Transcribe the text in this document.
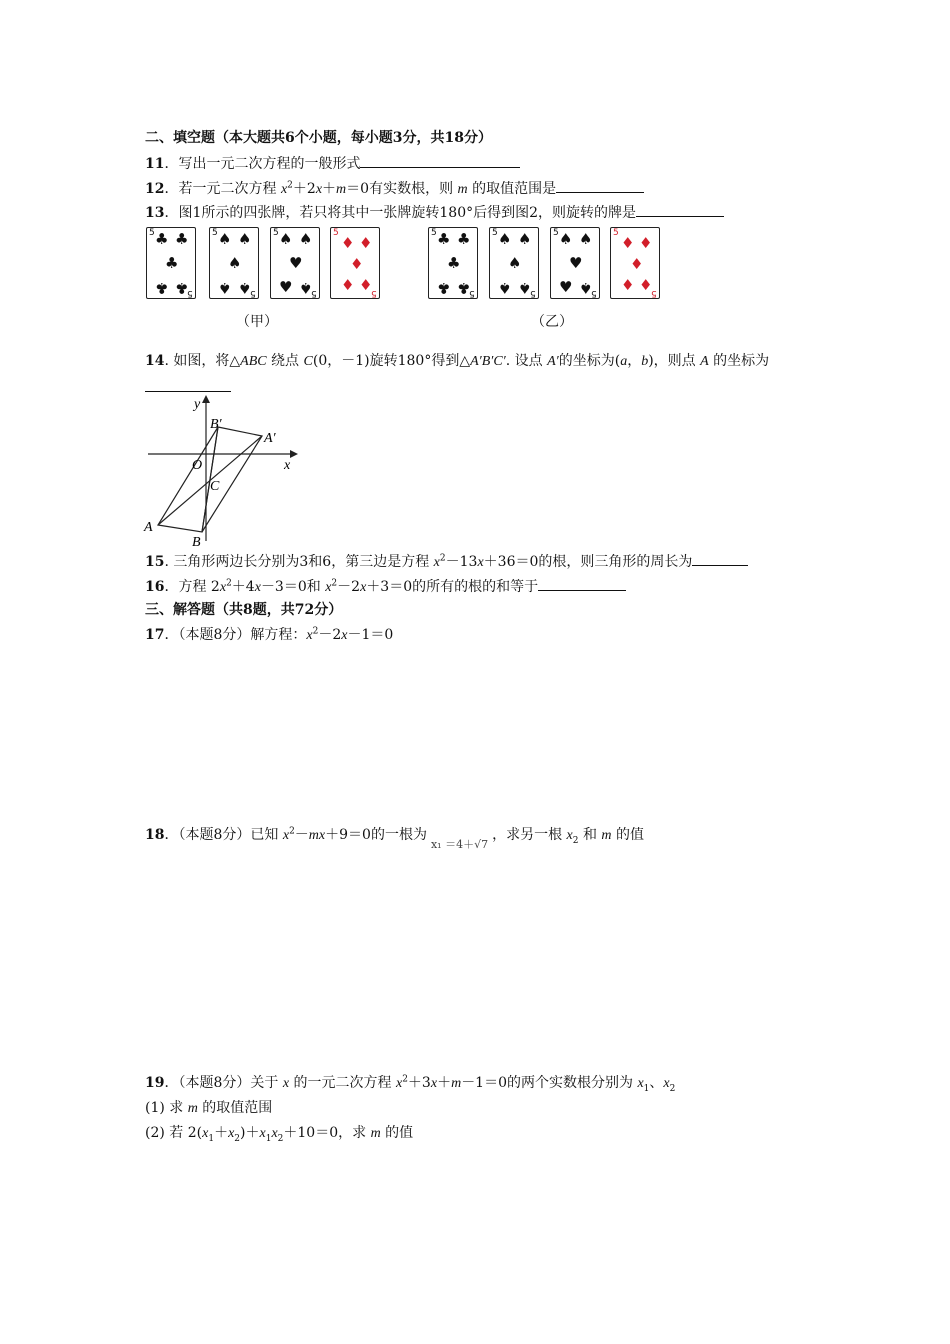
二、填空题（本大题共6个小题，每小题3分，共18分）
11．写出一元二次方程的一般形式
12．若一元二次方程 $x^2+2x+m=0$有实数根，则 m 的取值范围是
13．图1所示的四张牌，若只将其中一张牌旋转180°后得到图2，则旋转的牌是
5 ♣ ♣
♣
♣ ♣
5
5 ♠ ♠
♠
♠ ♠
5
5 ♠ ♠
♥
♥ ♠
5
5
♦ ♦
♦
♦ ♦
5
（甲）
5 ♣ ♣
♣
♣ ♣
5
5 ♠ ♠
♠
♠ ♠
5
5 ♠ ♠
♥
♥ ♠
5
5
♦ ♦
♦
♦ ♦
5
（乙）
14. 如图，将△ABC 绕点 C(0，－1)旋转180°得到△A′B′C′. 设点 A′的坐标为(a，b)，则点 A 的坐标为
y
x
O
C
A
B
A′
B′
15. 三角形两边长分别为3和6，第三边是方程 $x^2-13x+36=0$的根，则三角形的周长为
16．方程 $2x^2+4x-3=0$和 $x^2-2x+3=0$的所有的根的和等于
三、解答题（共8题，共72分）
17．（本题8分）解方程：$x^2-2x-1=0$
18．（本题8分）已知 $x^2-mx+9=0$的一根为x₁ ＝4＋√7，求另一根 $x_2$ 和 m 的值
19．（本题8分）关于 x 的一元二次方程 $x^2+3x+m-1=0$的两个实数根分别为 $x_1$、$x_2$
(1) 求 m 的取值范围
(2) 若 $2(x_1+x_2)+x_1x_2+10=0$，求 m 的值
